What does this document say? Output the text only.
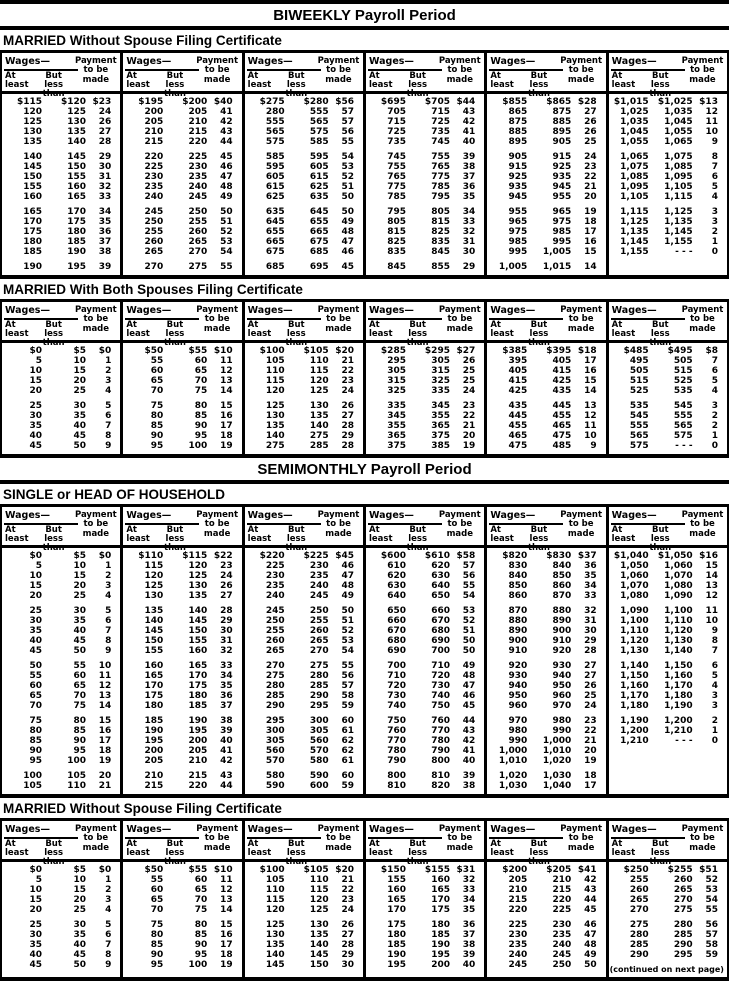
BIWEEKLY Payroll Period
MARRIED Without Spouse Filing Certificate
Wages—
At least
But less than
Payment to be made
$115	$120 $23
120	125	24
125	130	26
130	135	27
135	140	28
140	145	29
145	150	30
150	155	31
155	160	32
160	165	33
165	170	34
170	175	35
175	180	36
180	185	37
185	190	38
190	195	39
Wages—
At least
But less than
Payment to be made
$195	$200 $40
200	205	41
205	210	42
210	215	43
215	220	44
220	225	45
225	230	46
230	235	47
235	240	48
240	245	49
245	250	50
250	255	51
255	260	52
260	265	53
265	270	54
270	275	55
Wages—
At least
But less than
Payment to be made
$275	$280 $56
280	555	57
555	565	57
565	575	56
575	585	55
585	595	54
595	605	53
605	615	52
615	625	51
625	635	50
635	645	50
645	655	49
655	665	48
665	675	47
675	685	46
685	695	45
Wages—
At least
But less than
Payment to be made
$695	$705 $44
705	715	43
715	725	42
725	735	41
735	745	40
745	755	39
755	765	38
765	775	37
775	785	36
785	795	35
795	805	34
805	815	33
815	825	32
825	835	31
835	845	30
845	855	29
Wages—
At least
But less than
Payment to be made
$855	$865 $28
865	875	27
875	885	26
885	895	26
895	905	25
905	915	24
915	925	23
925	935	22
935	945	21
945	955	20
955	965	19
965	975	18
975	985	17
985	995	16
995	1,005	15
1,005	1,015	14
Wages—
At least
But less than
Payment to be made
$1,015	$1,025 $13
1,025	1,035	12
1,035	1,045	11
1,045	1,055	10
1,055	1,065	9
1,065	1,075	8
1,075	1,085	7
1,085	1,095	6
1,095	1,105	5
1,105	1,115	4
1,115	1,125	3
1,125	1,135	3
1,135	1,145	2
1,145	1,155	1
1,155	- - -	0
MARRIED With Both Spouses Filing Certificate
Wages—
At least
But less than
Payment to be made
$0	$5	$0
5	10	1
10	15	2
15	20	3
20	25	4
25	30	5
30	35	6
35	40	7
40	45	8
45	50	9
Wages—
At least
But less than
Payment to be made
$50	$55 $10
55	60	11
60	65	12
65	70	13
70	75	14
75	80	15
80	85	16
85	90	17
90	95	18
95	100	19
Wages—
At least
But less than
Payment to be made
$100	$105 $20
105	110	21
110	115	22
115	120	23
120	125	24
125	130	26
130	135	27
135	140	28
140	275	29
275	285	28
Wages—
At least
But less than
Payment to be made
$285	$295 $27
295	305	26
305	315	25
315	325	25
325	335	24
335	345	23
345	355	22
355	365	21
365	375	20
375	385	19
Wages—
At least
But less than
Payment to be made
$385	$395 $18
395	405	17
405	415	16
415	425	15
425	435	14
435	445	13
445	455	12
455	465	11
465	475	10
475	485	9
Wages—
At least
But less than
Payment to be made
$485	$495	$8
495	505	7
505	515	6
515	525	5
525	535	4
535	545	3
545	555	2
555	565	2
565	575	1
575	- - -	0
SEMIMONTHLY Payroll Period
SINGLE or HEAD OF HOUSEHOLD
Wages—
At least
But less than
Payment to be made
$0	$5	$0
5	10	1
10	15	2
15	20	3
20	25	4
25	30	5
30	35	6
35	40	7
40	45	8
45	50	9
50	55	10
55	60	11
60	65	12
65	70	13
70	75	14
75	80	15
80	85	16
85	90	17
90	95	18
95	100	19
100	105	20
105	110	21
Wages—
At least
But less than
Payment to be made
$110	$115 $22
115	120	23
120	125	24
125	130	26
130	135	27
135	140	28
140	145	29
145	150	30
150	155	31
155	160	32
160	165	33
165	170	34
170	175	35
175	180	36
180	185	37
185	190	38
190	195	39
195	200	40
200	205	41
205	210	42
210	215	43
215	220	44
Wages—
At least
But less than
Payment to be made
$220	$225 $45
225	230	46
230	235	47
235	240	48
240	245	49
245	250	50
250	255	51
255	260	52
260	265	53
265	270	54
270	275	55
275	280	56
280	285	57
285	290	58
290	295	59
295	300	60
300	305	61
305	560	62
560	570	62
570	580	61
580	590	60
590	600	59
Wages—
At least
But less than
Payment to be made
$600	$610 $58
610	620	57
620	630	56
630	640	55
640	650	54
650	660	53
660	670	52
670	680	51
680	690	50
690	700	50
700	710	49
710	720	48
720	730	47
730	740	46
740	750	45
750	760	44
760	770	43
770	780	42
780	790	41
790	800	40
800	810	39
810	820	38
Wages—
At least
But less than
Payment to be made
$820	$830 $37
830	840	36
840	850	35
850	860	34
860	870	33
870	880	32
880	890	31
890	900	30
900	910	29
910	920	28
920	930	27
930	940	27
940	950	26
950	960	25
960	970	24
970	980	23
980	990	22
990	1,000	21
1,000	1,010	20
1,010	1,020	19
1,020	1,030	18
1,030	1,040	17
Wages—
At least
But less than
Payment to be made
$1,040	$1,050 $16
1,050	1,060	15
1,060	1,070	14
1,070	1,080	13
1,080	1,090	12
1,090	1,100	11
1,100	1,110	10
1,110	1,120	9
1,120	1,130	8
1,130	1,140	7
1,140	1,150	6
1,150	1,160	5
1,160	1,170	4
1,170	1,180	3
1,180	1,190	3
1,190	1,200	2
1,200	1,210	1
1,210	- - -	0
MARRIED Without Spouse Filing Certificate
Wages—
At least
But less than
Payment to be made
$0	$5	$0
5	10	1
10	15	2
15	20	3
20	25	4
25	30	5
30	35	6
35	40	7
40	45	8
45	50	9
Wages—
At least
But less than
Payment to be made
$50	$55 $10
55	60	11
60	65	12
65	70	13
70	75	14
75	80	15
80	85	16
85	90	17
90	95	18
95	100	19
Wages—
At least
But less than
Payment to be made
$100	$105 $20
105	110	21
110	115	22
115	120	23
120	125	24
125	130	26
130	135	27
135	140	28
140	145	29
145	150	30
Wages—
At least
But less than
Payment to be made
$150	$155 $31
155	160	32
160	165	33
165	170	34
170	175	35
175	180	36
180	185	37
185	190	38
190	195	39
195	200	40
Wages—
At least
But less than
Payment to be made
$200	$205 $41
205	210	42
210	215	43
215	220	44
220	225	45
225	230	46
230	235	47
235	240	48
240	245	49
245	250	50
Wages—
At least
But less than
Payment to be made
$250	$255 $51
255	260	52
260	265	53
265	270	54
270	275	55
275	280	56
280	285	57
285	290	58
290	295	59
(continued on next page)
